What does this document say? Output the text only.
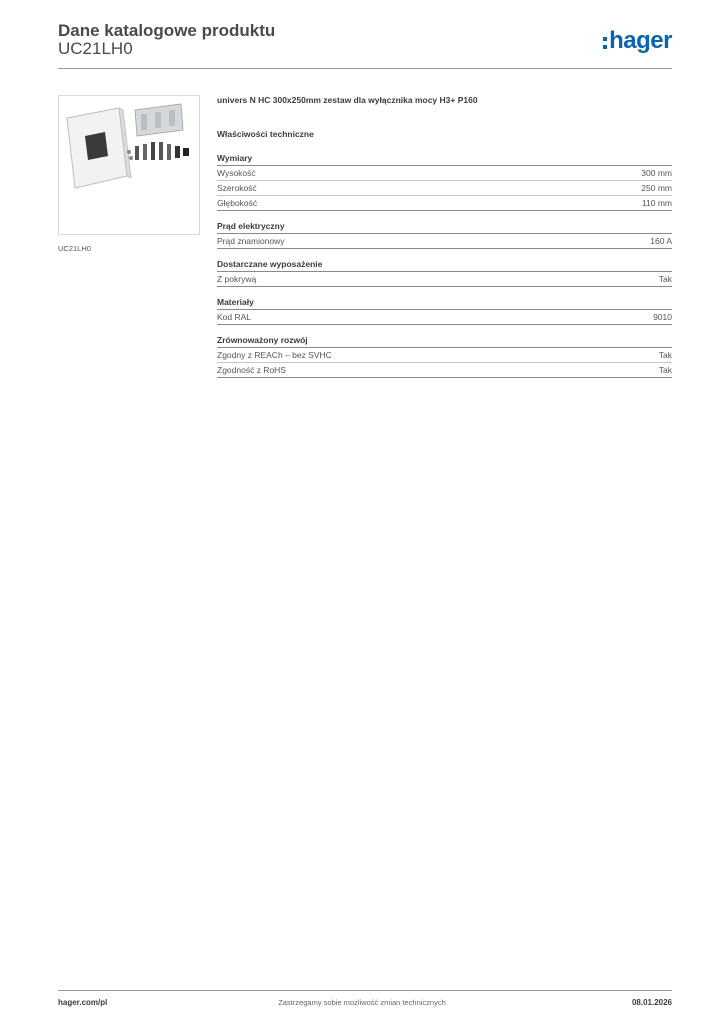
Dane katalogowe produktu
UC21LH0	hager
UC21LH0
univers N HC 300x250mm zestaw dla wyłącznika mocy H3+ P160
Właściwości techniczne
Wymiary
Wysokość	300 mm
Szerokość	250 mm
Głębokość	110 mm
Prąd elektryczny
Prąd znamionowy	160 A
Dostarczane wyposażenie
Z pokrywą	Tak
Materiały
Kod RAL	9010
Zrównoważony rozwój
Zgodny z REACh – bez SVHC	Tak
Zgodność z RoHS	Tak
hager.com/pl	Zastrzegamy sobie możliwość zmian technicznych	08.01.2026
